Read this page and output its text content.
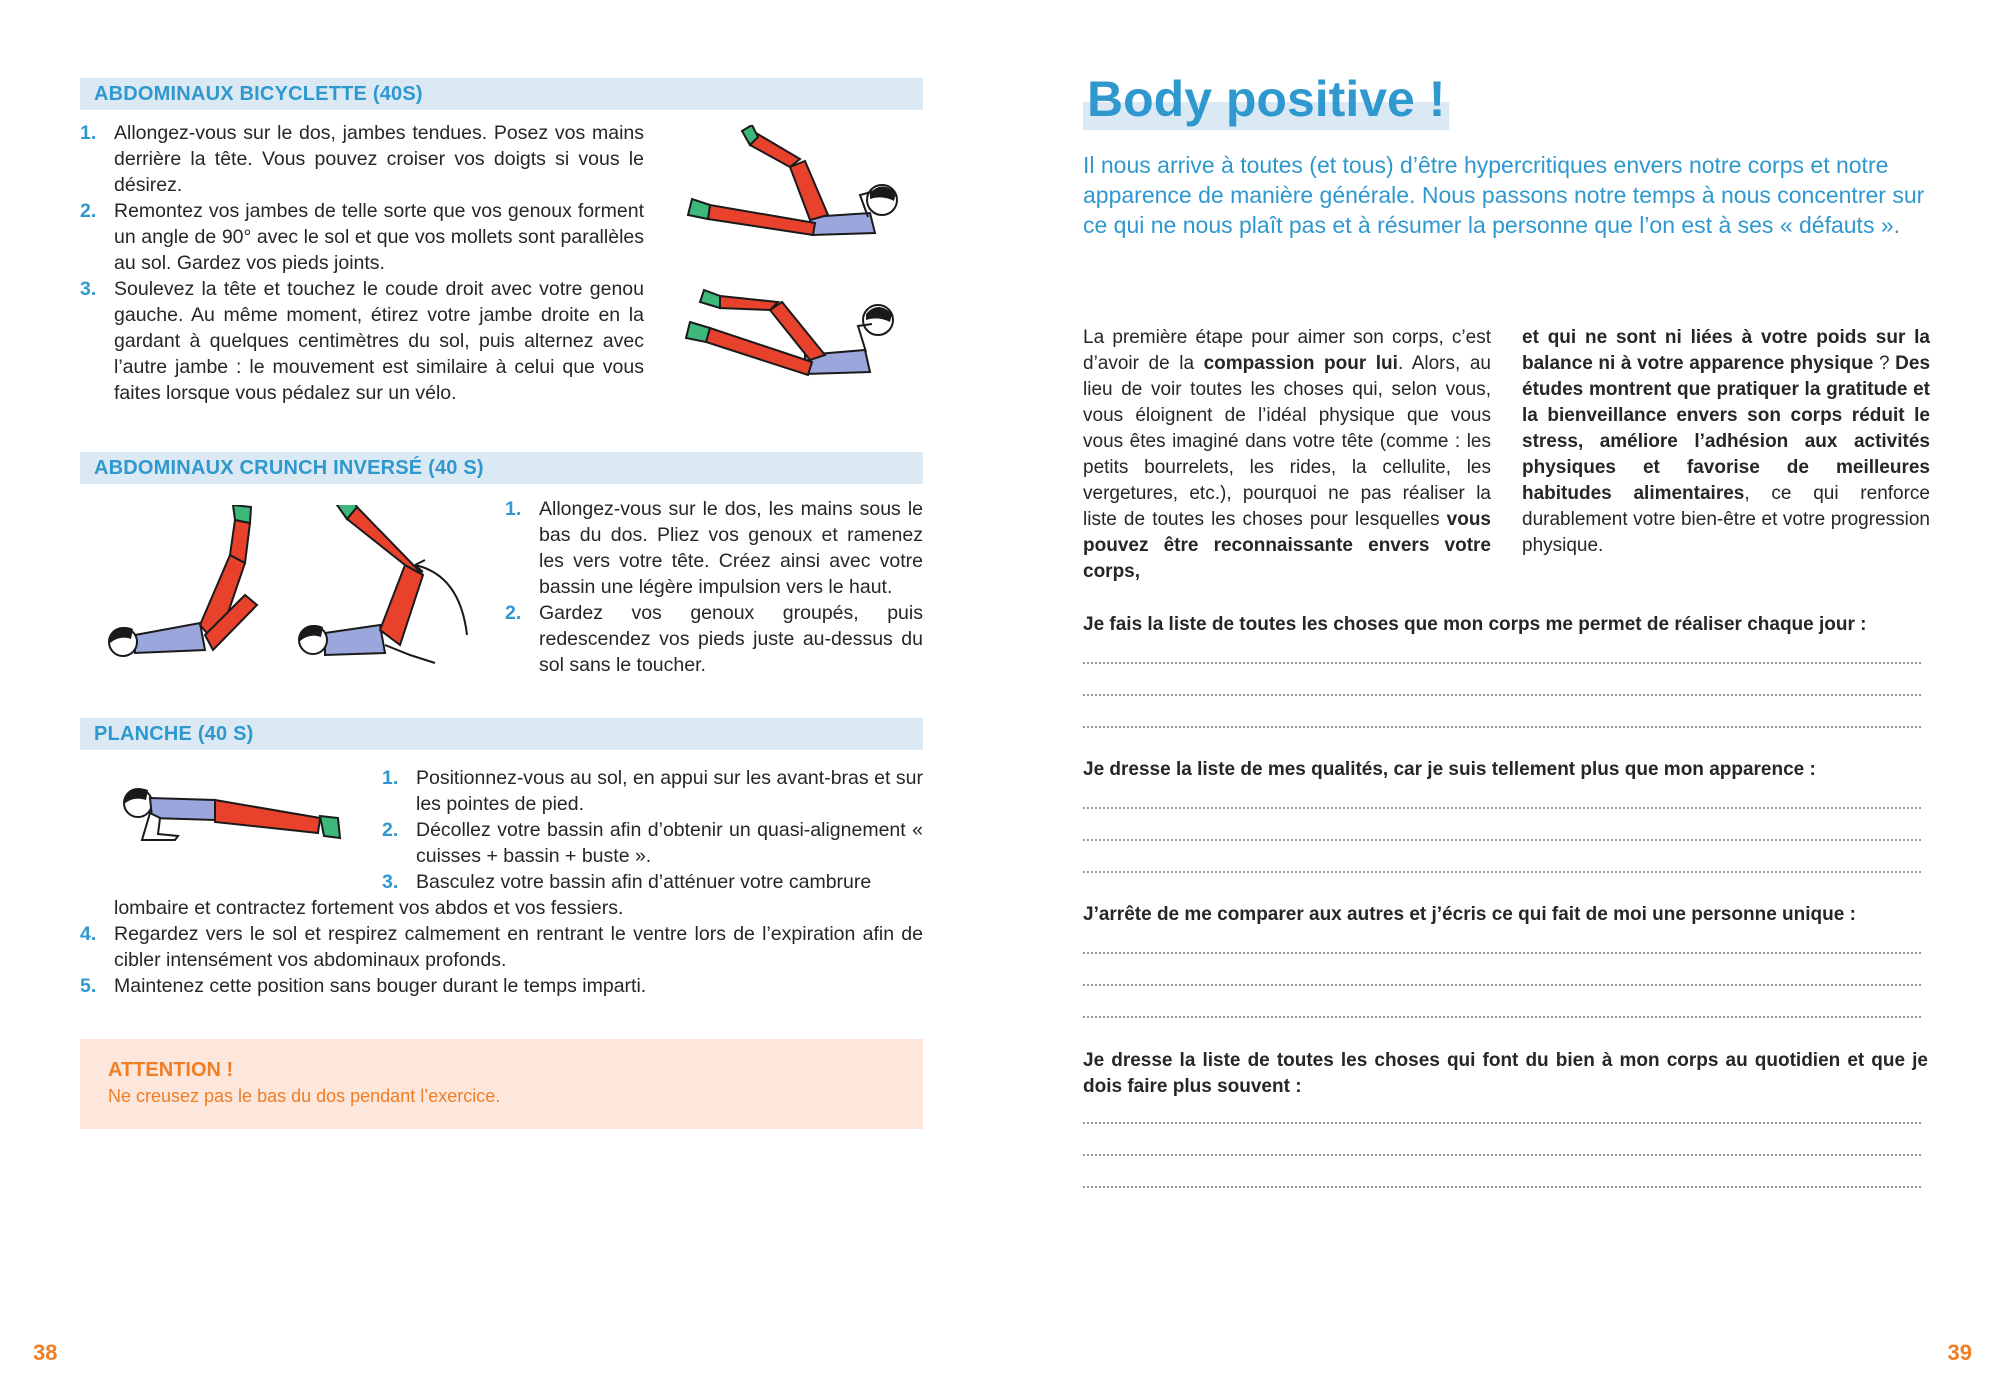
ABDOMINAUX BICYCLETTE (40S)
1. Allongez-vous sur le dos, jambes tendues. Posez vos mains derrière la tête. Vous pouvez croiser vos doigts si vous le désirez.
2. Remontez vos jambes de telle sorte que vos genoux forment un angle de 90° avec le sol et que vos mollets sont parallèles au sol. Gardez vos pieds joints.
3. Soulevez la tête et touchez le coude droit avec votre genou gauche. Au même moment, étirez votre jambe droite en la gardant à quelques centimètres du sol, puis alternez avec l’autre jambe : le mouvement est similaire à celui que vous faites lorsque vous pédalez sur un vélo.
ABDOMINAUX CRUNCH INVERSÉ (40 S)
1. Allongez-vous sur le dos, les mains sous le bas du dos. Pliez vos genoux et ramenez les vers votre tête. Créez ainsi avec votre bassin une légère impulsion vers le haut.
2. Gardez vos genoux groupés, puis redescendez vos pieds juste au-dessus du sol sans le toucher.
PLANCHE (40 S)
1. Positionnez-vous au sol, en appui sur les avant-bras et sur les pointes de pied.
2. Décollez votre bassin afin d’obtenir un quasi-alignement « cuisses + bassin + buste ».
3. Basculez votre bassin afin d’atténuer votre cambrure
lombaire et contractez fortement vos abdos et vos fessiers.
4. Regardez vers le sol et respirez calmement en rentrant le ventre lors de l’expiration afin de cibler intensément vos abdominaux profonds.
5. Maintenez cette position sans bouger durant le temps imparti.
ATTENTION !
Ne creusez pas le bas du dos pendant l’exercice.
38
Body positive !
Il nous arrive à toutes (et tous) d’être hypercritiques envers notre corps et notre apparence de manière générale. Nous passons notre temps à nous concentrer sur ce qui ne nous plaît pas et à résumer la personne que l’on est à ses « défauts ».
La première étape pour aimer son corps, c’est d’avoir de la compassion pour lui. Alors, au lieu de voir toutes les choses qui, selon vous, vous éloignent de l’idéal physique que vous vous êtes imaginé dans votre tête (comme : les petits bourrelets, les rides, la cellulite, les vergetures, etc.), pourquoi ne pas réaliser la liste de toutes les choses pour lesquelles vous pouvez être reconnaissante envers votre corps,
et qui ne sont ni liées à votre poids sur la balance ni à votre apparence physique ? Des études montrent que pratiquer la gratitude et la bienveillance envers son corps réduit le stress, améliore l’adhésion aux activités physiques et favorise de meilleures habitudes alimentaires, ce qui renforce durablement votre bien-être et votre progression physique.
Je fais la liste de toutes les choses que mon corps me permet de réaliser chaque jour :
Je dresse la liste de mes qualités, car je suis tellement plus que mon apparence :
J’arrête de me comparer aux autres et j’écris ce qui fait de moi une personne unique :
Je dresse la liste de toutes les choses qui font du bien à mon corps au quotidien et que je dois faire plus souvent :
39
